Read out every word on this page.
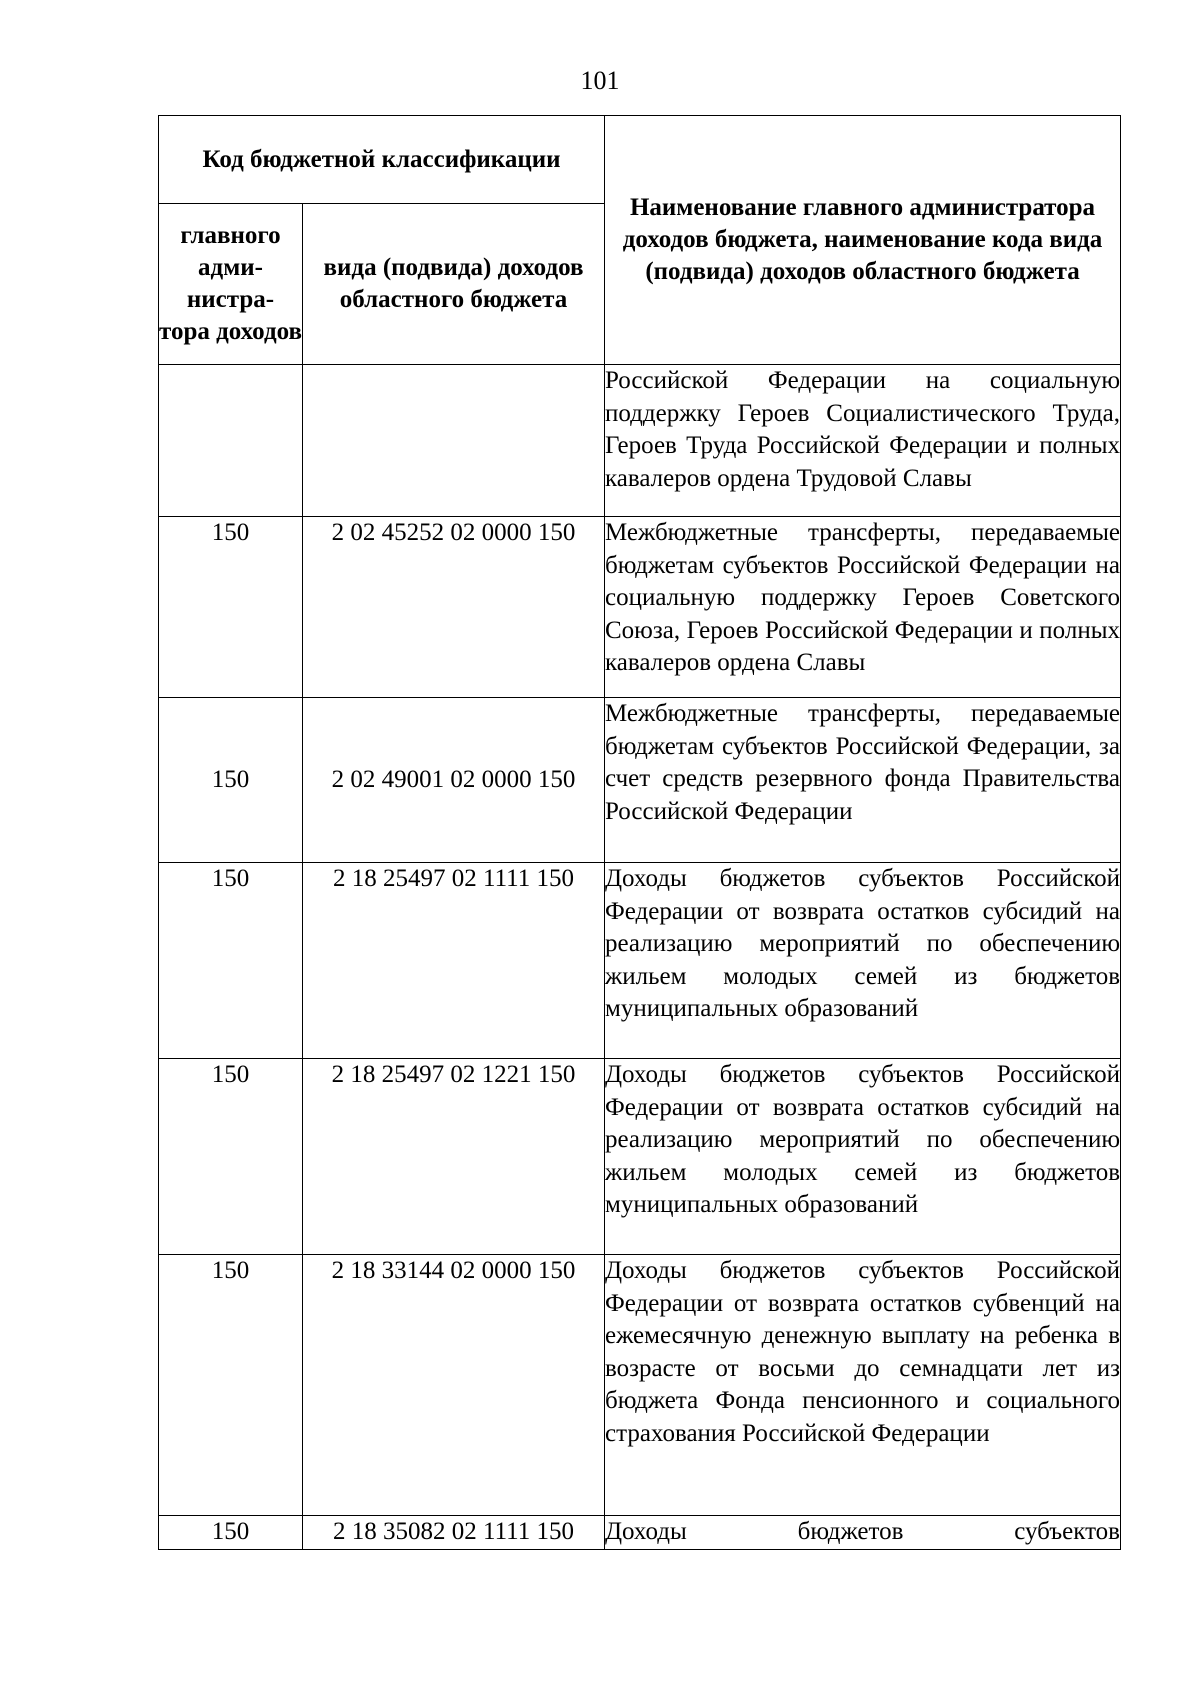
101
Код бюджетной классификации		Наименование главного администратора доходов бюджета, наименование кода вида (подвида) доходов областного бюджета
главного адми- нистра- тора доходов	вида (подвида) доходов областного бюджета	
		Российской Федерации на социальную поддержку Героев Социалистического Труда, Героев Труда Российской Федерации и полных кавалеров ордена Трудовой Славы
150	2 02 45252 02 0000 150	Межбюджетные трансферты, передаваемые бюджетам субъектов Российской Федерации на социальную поддержку Героев Советского Союза, Героев Российской Федерации и полных кавалеров ордена Славы
150	2 02 49001 02 0000 150	Межбюджетные трансферты, передаваемые бюджетам субъектов Российской Федерации, за счет средств резервного фонда Правительства Российской Федерации
150	2 18 25497 02 1111 150	Доходы бюджетов субъектов Российской Федерации от возврата остатков субсидий на реализацию мероприятий по обеспечению жильем молодых семей из бюджетов муниципальных образований
150	2 18 25497 02 1221 150	Доходы бюджетов субъектов Российской Федерации от возврата остатков субсидий на реализацию мероприятий по обеспечению жильем молодых семей из бюджетов муниципальных образований
150	2 18 33144 02 0000 150	Доходы бюджетов субъектов Российской Федерации от возврата остатков субвенций на ежемесячную денежную выплату на ребенка в возрасте от восьми до семнадцати лет из бюджета Фонда пенсионного и социального страхования Российской Федерации
150	2 18 35082 02 1111 150	Доходы бюджетов субъектов
